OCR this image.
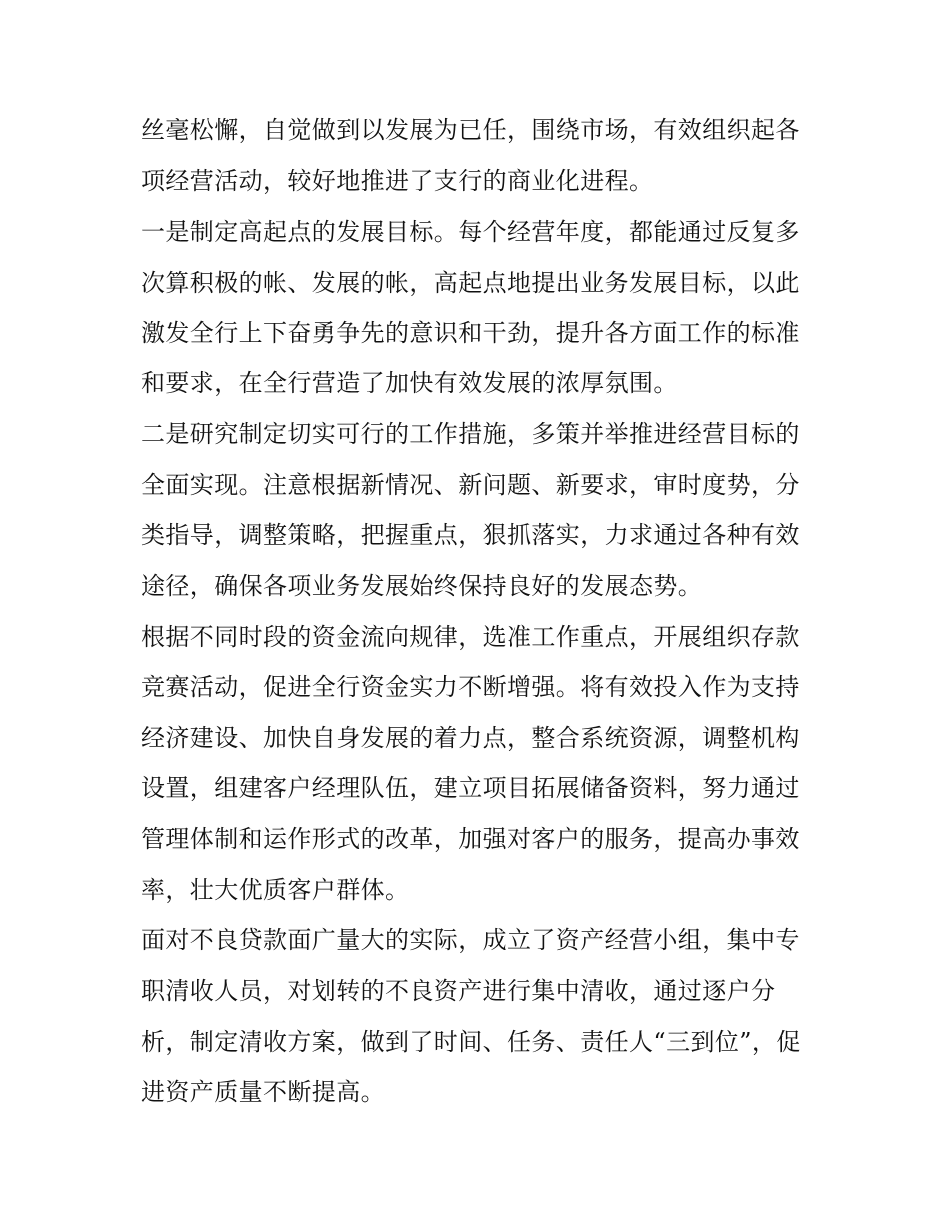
丝毫松懈，自觉做到以发展为已任，围绕市场，有效组织起各
项经营活动，较好地推进了支行的商业化进程。
一是制定高起点的发展目标。每个经营年度，都能通过反复多
次算积极的帐、发展的帐，高起点地提出业务发展目标，以此
激发全行上下奋勇争先的意识和干劲，提升各方面工作的标准
和要求，在全行营造了加快有效发展的浓厚氛围。
二是研究制定切实可行的工作措施，多策并举推进经营目标的
全面实现。注意根据新情况、新问题、新要求，审时度势，分
类指导，调整策略，把握重点，狠抓落实，力求通过各种有效
途径，确保各项业务发展始终保持良好的发展态势。
根据不同时段的资金流向规律，选准工作重点，开展组织存款
竞赛活动，促进全行资金实力不断增强。将有效投入作为支持
经济建设、加快自身发展的着力点，整合系统资源，调整机构
设置，组建客户经理队伍，建立项目拓展储备资料，努力通过
管理体制和运作形式的改革，加强对客户的服务，提高办事效
率，壮大优质客户群体。
面对不良贷款面广量大的实际，成立了资产经营小组，集中专
职清收人员，对划转的不良资产进行集中清收，通过逐户分
析，制定清收方案，做到了时间、任务、责任人“三到位”，促
进资产质量不断提高。
